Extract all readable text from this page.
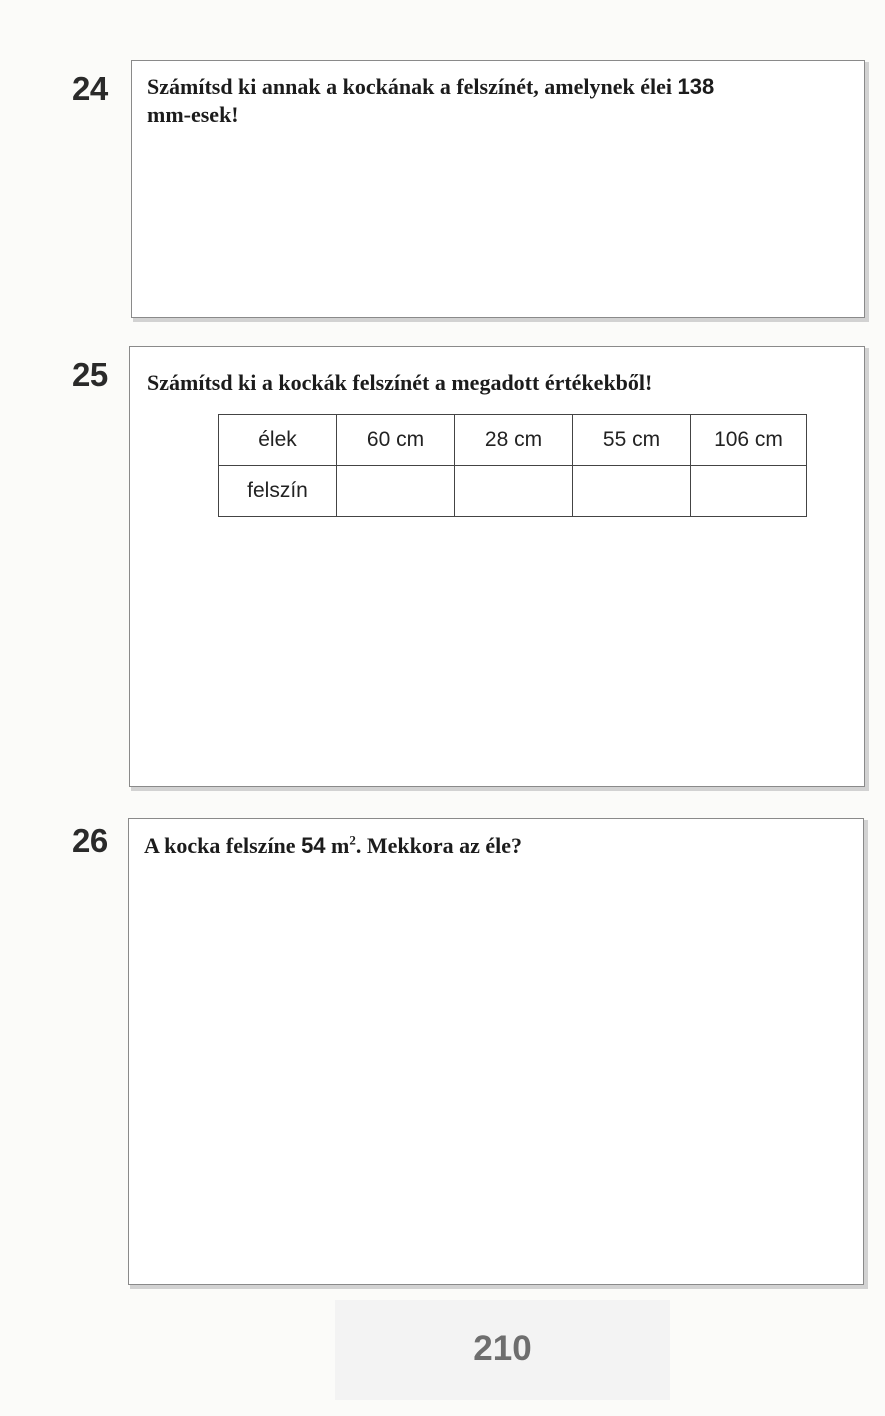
24 Számítsd ki annak a kockának a felszínét, amelynek élei 138
mm-esek!
25 Számítsd ki a kockák felszínét a megadott értékekből!
élek	60 cm	28 cm	55 cm	106 cm
felszín				
26 A kocka felszíne 54 $m^2$. Mekkora az éle?
210
